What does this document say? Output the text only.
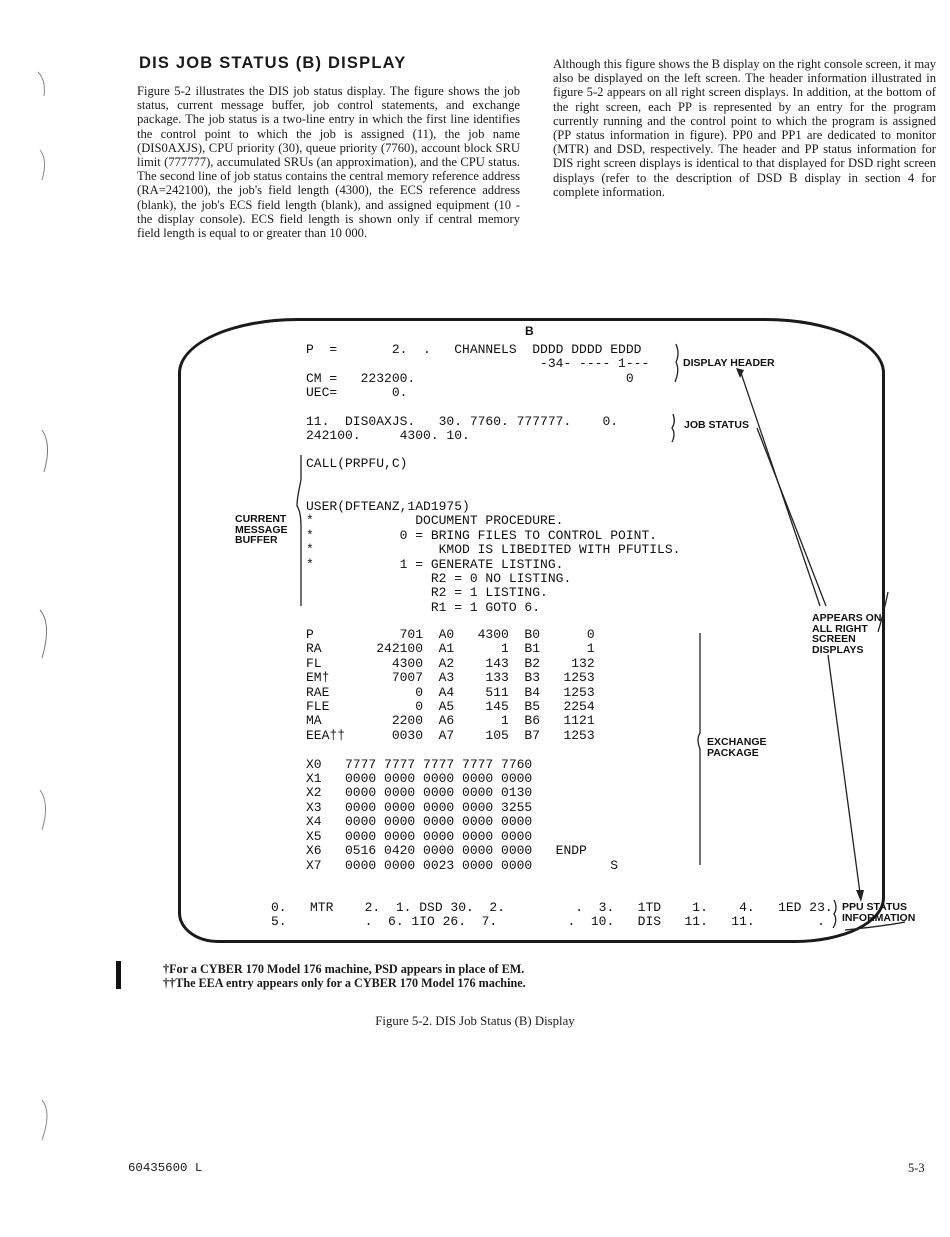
DIS JOB STATUS (B) DISPLAY

Figure 5-2 illustrates the DIS job status display. The figure shows the job status, current message buffer, job control statements, and exchange package. The job status is a two-line entry in which the first line identifies the control point to which the job is assigned (11), the job name (DIS0AXJS), CPU priority (30), queue priority (7760), account block SRU limit (777777), accumulated SRUs (an approximation), and the CPU status. The second line of job status contains the central memory reference address (RA=242100), the job's field length (4300), the ECS reference address (blank), the job's ECS field length (blank), and assigned equipment (10 - the display console). ECS field length is shown only if central memory field length is equal to or greater than 10 000.

Although this figure shows the B display on the right console screen, it may also be displayed on the left screen. The header information illustrated in figure 5-2 appears on all right screen displays. In addition, at the bottom of the right screen, each PP is represented by an entry for the program currently running and the control point to which the program is assigned (PP status information in figure). PP0 and PP1 are dedicated to monitor (MTR) and DSD, respectively. The header and PP status information for DIS right screen displays is identical to that displayed for DSD right screen displays (refer to the description of DSD B display in section 4 for complete information.

B
P  =       2.  .   CHANNELS  DDDD DDDD EDDD
-34- ---- 1---
CM =   223200.                           0
UEC=       0.
11.  DIS0AXJS.   30. 7760. 777777.    0.
242100.     4300. 10.
CALL(PRPFU,C)
USER(DFTEANZ,1AD1975)
*             DOCUMENT PROCEDURE.
*           0 = BRING FILES TO CONTROL POINT.
*                KMOD IS LIBEDITED WITH PFUTILS.
*           1 = GENERATE LISTING.
R2 = 0 NO LISTING.
R2 = 1 LISTING.
R1 = 1 GOTO 6.
P           701  A0   4300  B0      0
RA       242100  A1      1  B1      1
FL         4300  A2    143  B2    132
EM†        7007  A3    133  B3   1253
RAE           0  A4    511  B4   1253
FLE           0  A5    145  B5   2254
MA         2200  A6      1  B6   1121
EEA††      0030  A7    105  B7   1253

X0   7777 7777 7777 7777 7760
X1   0000 0000 0000 0000 0000
X2   0000 0000 0000 0000 0130
X3   0000 0000 0000 0000 3255
X4   0000 0000 0000 0000 0000
X5   0000 0000 0000 0000 0000
X6   0516 0420 0000 0000 0000   ENDP
X7   0000 0000 0023 0000 0000          S
0.   MTR    2.  1. DSD 30.  2.         .  3.   1TD    1.    4.   1ED 23.
5.          .  6. 1IO 26.  7.         .  10.   DIS   11.   11.        .
DISPLAY HEADER
JOB STATUS
CURRENT
MESSAGE
BUFFER
APPEARS ON
ALL RIGHT
SCREEN
DISPLAYS
EXCHANGE
PACKAGE
PPU STATUS
INFORMATION

†For a CYBER 170 Model 176 machine, PSD appears in place of EM.

††The EEA entry appears only for a CYBER 170 Model 176 machine.

Figure 5-2. DIS Job Status (B) Display
60435600 L	5-3
